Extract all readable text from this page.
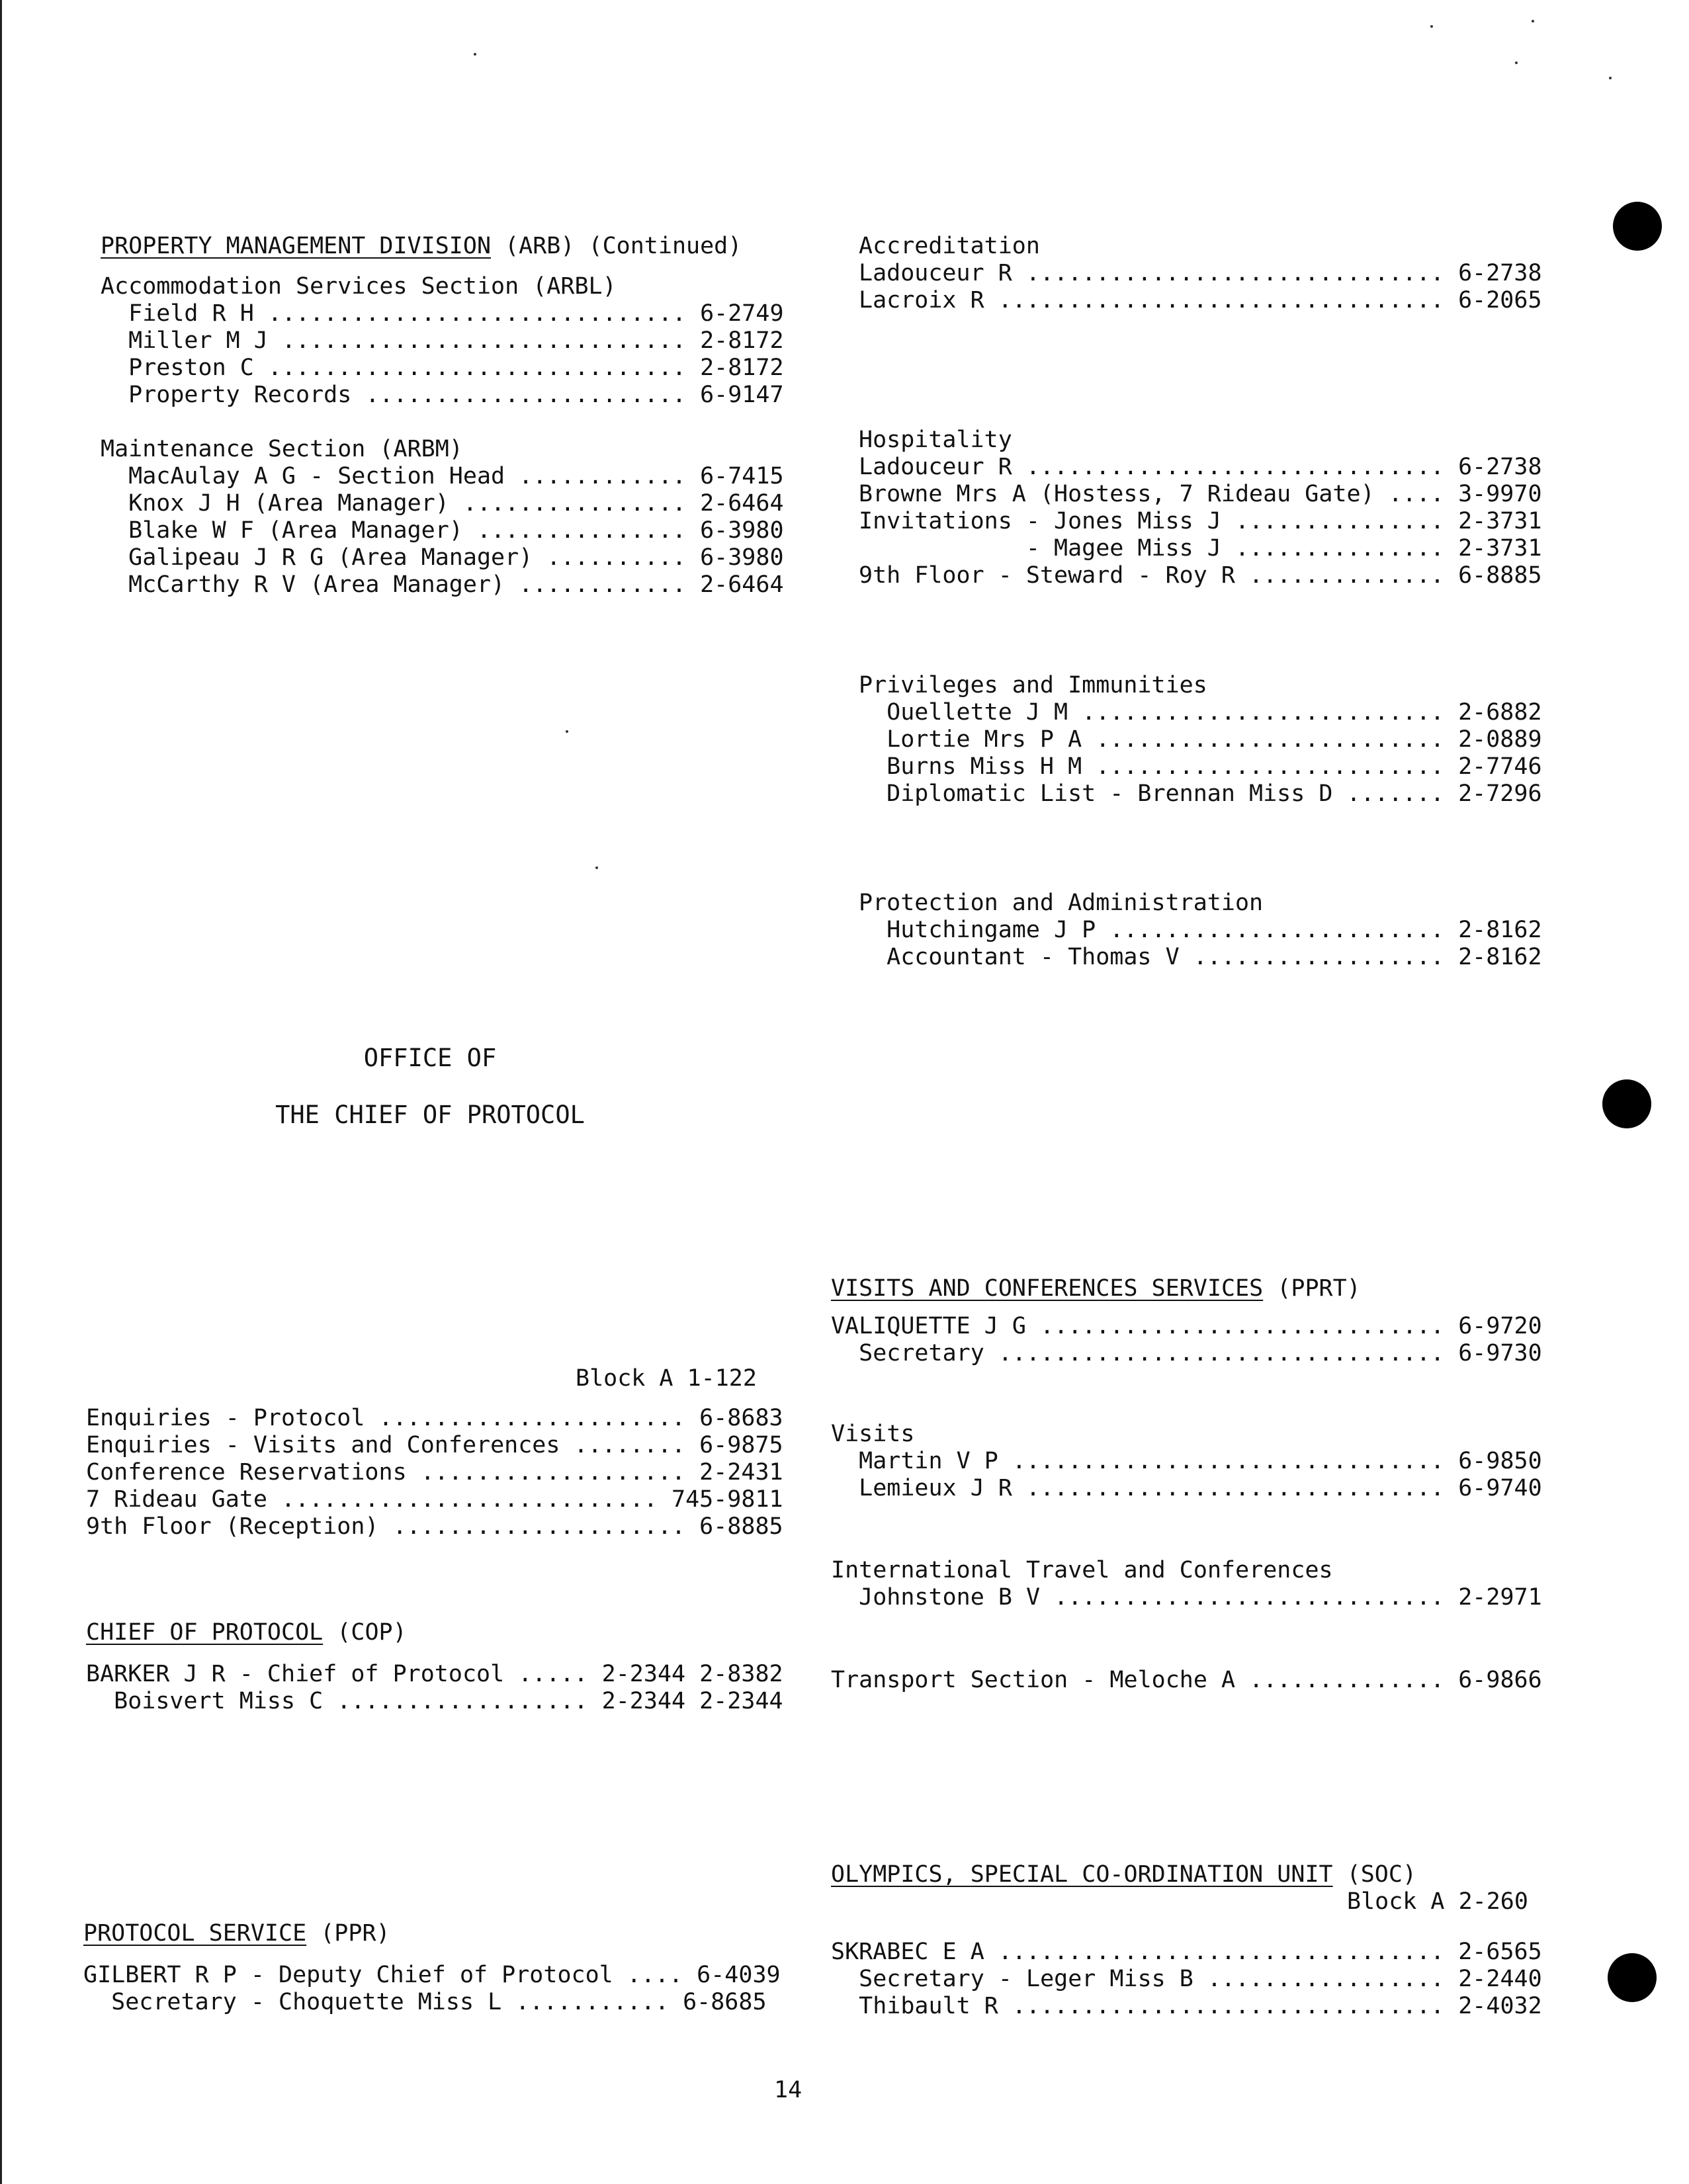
PROPERTY MANAGEMENT DIVISION (ARB) (Continued)
Accommodation Services Section (ARBL)
Field R H .............................. 6-2749
Miller M J ............................. 2-8172
Preston C .............................. 2-8172
Property Records ....................... 6-9147
Maintenance Section (ARBM)
MacAulay A G - Section Head ............ 6-7415
Knox J H (Area Manager) ................ 2-6464
Blake W F (Area Manager) ............... 6-3980
Galipeau J R G (Area Manager) .......... 6-3980
McCarthy R V (Area Manager) ............ 2-6464
OFFICE OF
THE CHIEF OF PROTOCOL
Block A 1-122
Enquiries - Protocol ...................... 6-8683
Enquiries - Visits and Conferences ........ 6-9875
Conference Reservations ................... 2-2431
7 Rideau Gate ........................... 745-9811
9th Floor (Reception) ..................... 6-8885
CHIEF OF PROTOCOL (COP)
BARKER J R - Chief of Protocol ..... 2-2344 2-8382
Boisvert Miss C .................. 2-2344 2-2344
PROTOCOL SERVICE (PPR)
GILBERT R P - Deputy Chief of Protocol .... 6-4039
Secretary - Choquette Miss L ........... 6-8685
Accreditation
Ladouceur R .............................. 6-2738
Lacroix R ................................ 6-2065
Hospitality
Ladouceur R .............................. 6-2738
Browne Mrs A (Hostess, 7 Rideau Gate) .... 3-9970
Invitations - Jones Miss J ............... 2-3731
- Magee Miss J ............... 2-3731
9th Floor - Steward - Roy R .............. 6-8885
Privileges and Immunities
Ouellette J M .......................... 2-6882
Lortie Mrs P A ......................... 2-0889
Burns Miss H M ......................... 2-7746
Diplomatic List - Brennan Miss D ....... 2-7296
Protection and Administration
Hutchingame J P ........................ 2-8162
Accountant - Thomas V .................. 2-8162
VISITS AND CONFERENCES SERVICES (PPRT)
VALIQUETTE J G ............................. 6-9720
Secretary ................................ 6-9730
Visits
Martin V P ............................... 6-9850
Lemieux J R .............................. 6-9740
International Travel and Conferences
Johnstone B V ............................ 2-2971
Transport Section - Meloche A .............. 6-9866
OLYMPICS, SPECIAL CO-ORDINATION UNIT (SOC)
Block A 2-260
SKRABEC E A ................................ 2-6565
Secretary - Leger Miss B ................. 2-2440
Thibault R ............................... 2-4032
14
